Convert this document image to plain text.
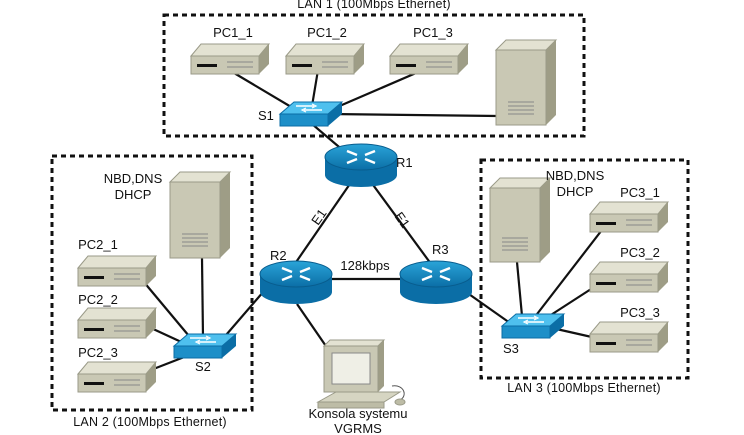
LAN 1 (100Mbps Ethernet)
LAN 2 (100Mbps Ethernet)
LAN 3 (100Mbps Ethernet)
PC1_1	PC1_2	PC1_3
PC2_1
PC2_2
PC2_3
PC3_1
PC3_2
PC3_3
S1
S2
S3
R1
R2	R3
E1	E1
128kbps
NBD,DNS
DHCP
NBD,DNS
DHCP
Konsola systemu
VGRMS
